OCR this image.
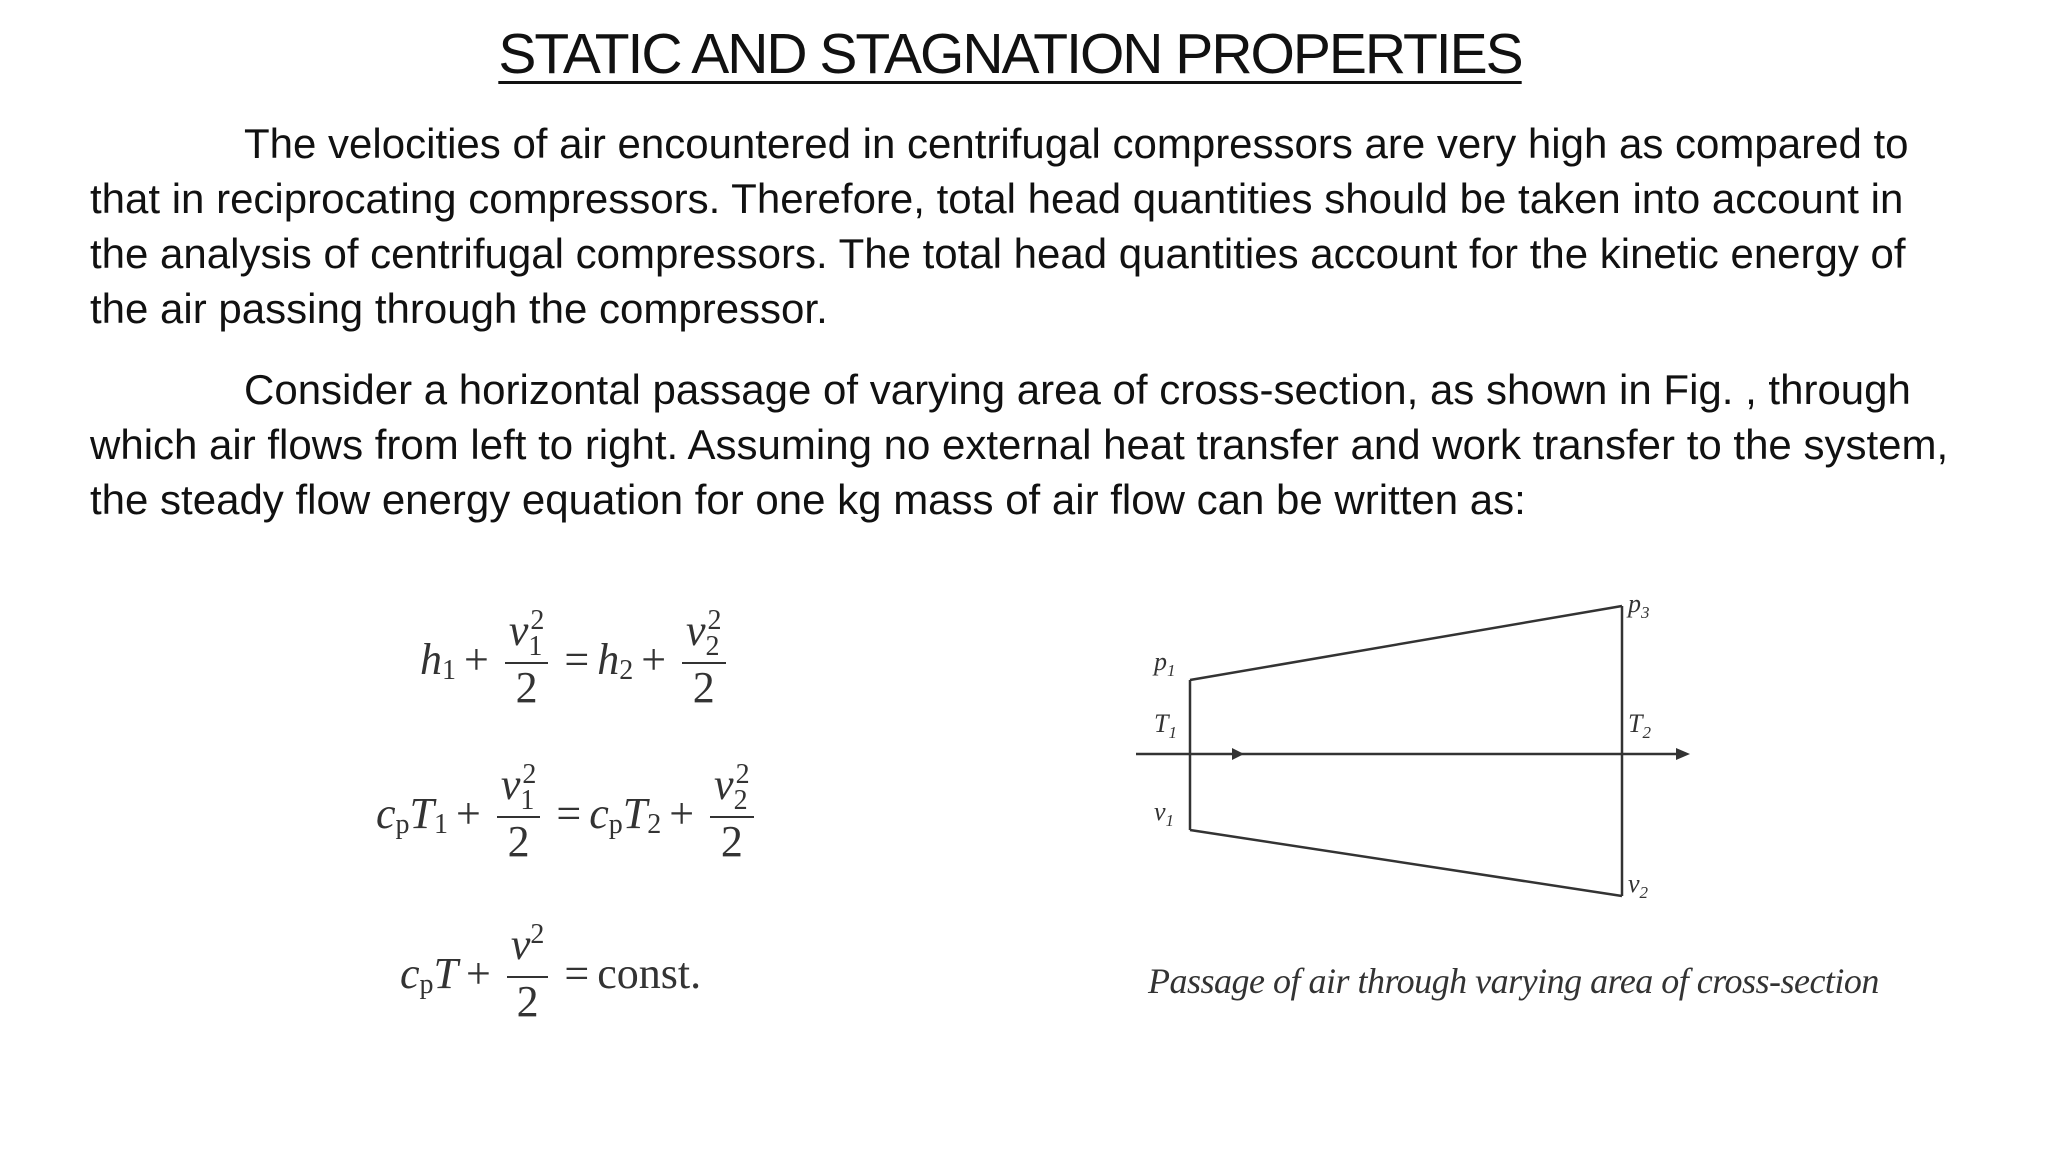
STATIC AND STAGNATION PROPERTIES

The velocities of air encountered in centrifugal compressors are very high as compared to that in reciprocating compressors. Therefore, total head quantities should be taken into account in the analysis of centrifugal compressors. The total head quantities account for the kinetic energy of the air passing through the compressor.

Consider a horizontal passage of varying area of cross-section, as shown in Fig. , through which air flows from left to right. Assuming no external heat transfer and work transfer to the system, the steady flow energy equation for one kg mass of air flow can be written as:

h $1 + \frac{v_1^2}{2} = h$ $2 + \frac{v_2^2}{2}$
c p T $1 + \frac{v_1^2}{2} = c$ p T $2 + \frac{v_2^2}{2}$
c p $T + \frac{v^2}{2}$ = const.
$p_1$
$T_1$
$v_1$
$p_3$
$T_2$
$v_2$
Passage of air through varying area of cross-section
